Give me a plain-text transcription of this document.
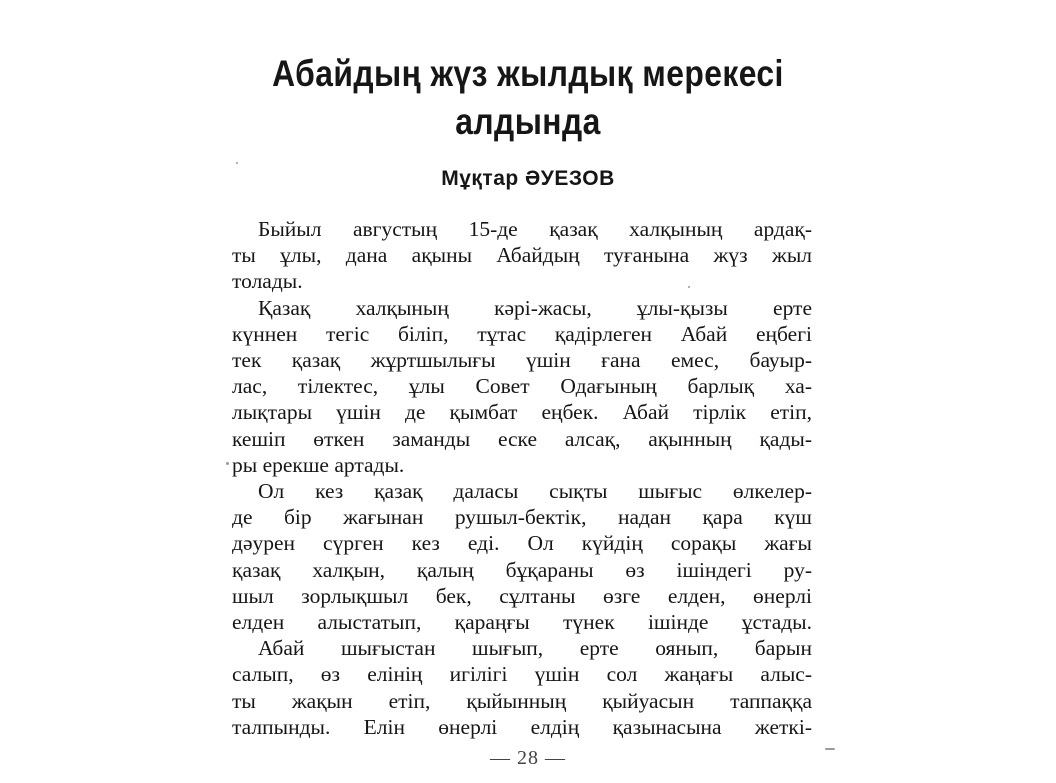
Абайдың жүз жылдық мерекесі
алдында
Мұқтар ӘУЕЗОВ
Быйыл августың 15-де қазақ халқының ардақ-
ты ұлы, дана ақыны Абайдың туғанына жүз жыл
толады.
Қазақ халқының кәрі-жасы, ұлы-қызы ерте
күннен тегіс біліп, тұтас қадірлеген Абай еңбегі
тек қазақ жұртшылығы үшін ғана емес, бауыр-
лас, тілектес, ұлы Совет Одағының барлық ха-
лықтары үшін де қымбат еңбек. Абай тірлік етіп,
кешіп өткен заманды еске алсақ, ақынның қады-
ры ерекше артады.
Ол кез қазақ даласы сықты шығыс өлкелер-
де бір жағынан рушыл-бектік, надан қара күш
дәурен сүрген кез еді. Ол күйдің сорақы жағы
қазақ халқын, қалың бұқараны өз ішіндегі ру-
шыл зорлықшыл бек, сұлтаны өзге елден, өнерлі
елден алыстатып, қараңғы түнек ішінде ұстады.
Абай шығыстан шығып, ерте оянып, барын
салып, өз елінің игілігі үшін сол жаңағы алыс-
ты жақын етіп, қыйынның қыйуасын таппаққа
талпынды. Елін өнерлі елдің қазынасына жеткі-
— 28 —
